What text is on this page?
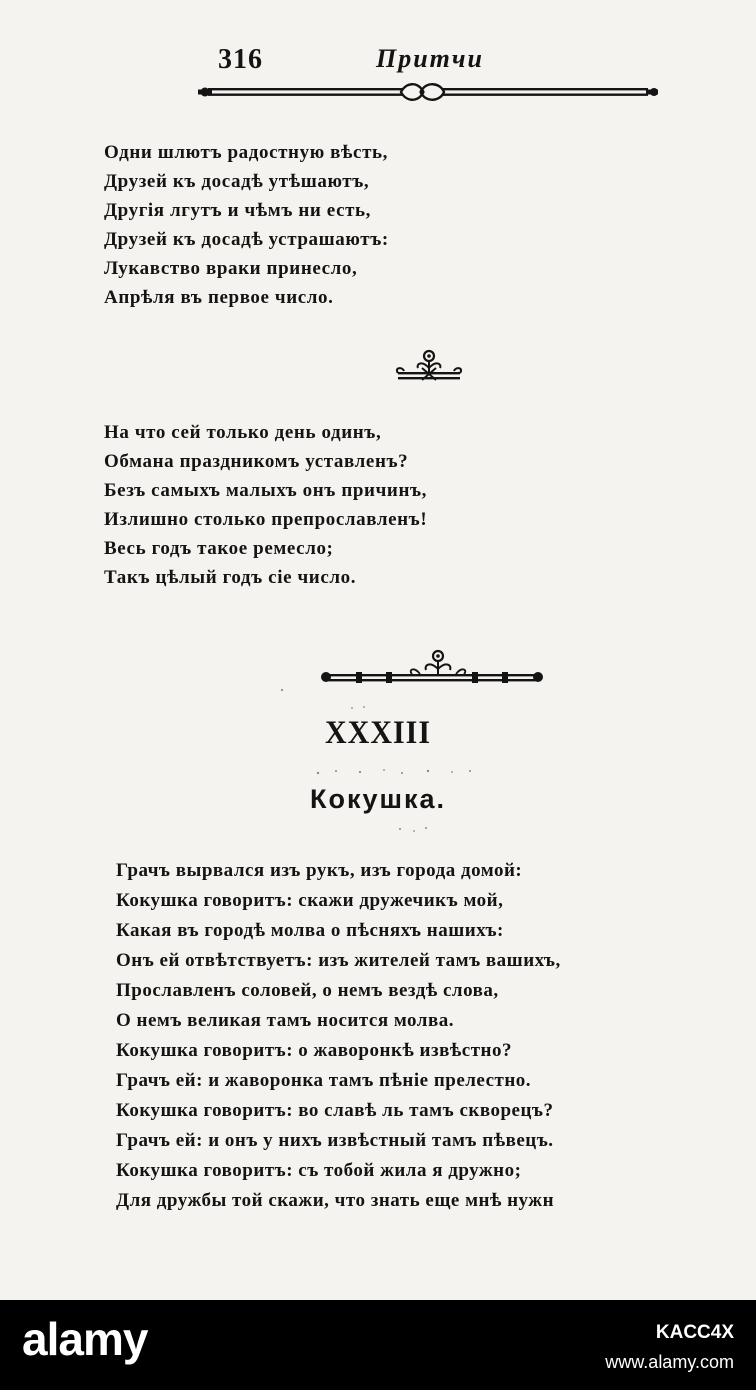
316	Притчи
Одни шлютъ радостную вѣсть,
Друзей къ досадѣ утѣшаютъ,
Другія лгутъ и чѣмъ ни есть,
Друзей къ досадѣ устрашаютъ:
Лукавство враки принесло,
Апрѣля въ первое число.
На что сей только день одинъ,
Обмана праздникомъ уставленъ?
Безъ самыхъ малыхъ онъ причинъ,
Излишно столько препрославленъ!
Весь годъ такое ремесло;
Такъ цѣлый годъ сіе число.
XXXIII
Кокушка.
Грачъ вырвался изъ рукъ, изъ города домой:
Кокушка говоритъ: скажи дружечикъ мой,
Какая въ городѣ молва о пѣсняхъ нашихъ:
Онъ ей отвѣтствуетъ: изъ жителей тамъ вашихъ,
Прославленъ соловей, о немъ вездѣ слова,
О немъ великая тамъ носится молва.
Кокушка говоритъ: о жаворонкѣ извѣстно?
Грачъ ей: и жаворонка тамъ пѣніе прелестно.
Кокушка говоритъ: во славѣ ль тамъ скворецъ?
Грачъ ей: и онъ у нихъ извѣстный тамъ пѣвецъ.
Кокушка говоритъ: съ тобой жила я дружно;
Для дружбы той скажи, что знать еще мнѣ нужн
alamy	KACC4X
www.alamy.com
